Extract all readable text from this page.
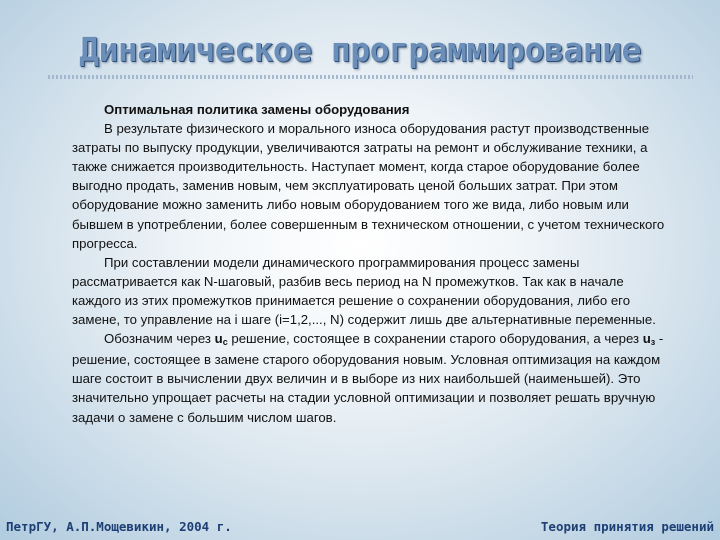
Динамическое программирование

Оптимальная политика замены оборудования

В результате физического и морального износа оборудования растут производственные затраты по выпуску продукции, увеличиваются затраты на ремонт и обслуживание техники, а также снижается производительность. Наступает момент, когда старое оборудование более выгодно продать, заменив новым, чем эксплуатировать ценой больших затрат. При этом оборудование можно заменить либо новым оборудованием того же вида, либо новым или бывшем в употреблении, более совершенным в техническом отношении, с учетом технического прогресса.

При составлении модели динамического программирования процесс замены рассматривается как N-шаговый, разбив весь период на N промежутков. Так как в начале каждого из этих промежутков принимается решение о сохранении оборудования, либо его замене, то управление на i шаге (i=1,2,..., N) содержит лишь две альтернативные переменные.

Обозначим через $u_c$ решение, состоящее в сохранении старого оборудования, а через $u_з$ - решение, состоящее в замене старого оборудования новым. Условная оптимизация на каждом шаге состоит в вычислении двух величин и в выборе из них наибольшей (наименьшей). Это значительно упрощает расчеты на стадии условной оптимизации и позволяет решать вручную задачи о замене с большим числом шагов.

ПетрГУ, А.П.Мощевикин, 2004 г.	Теория принятия решений
